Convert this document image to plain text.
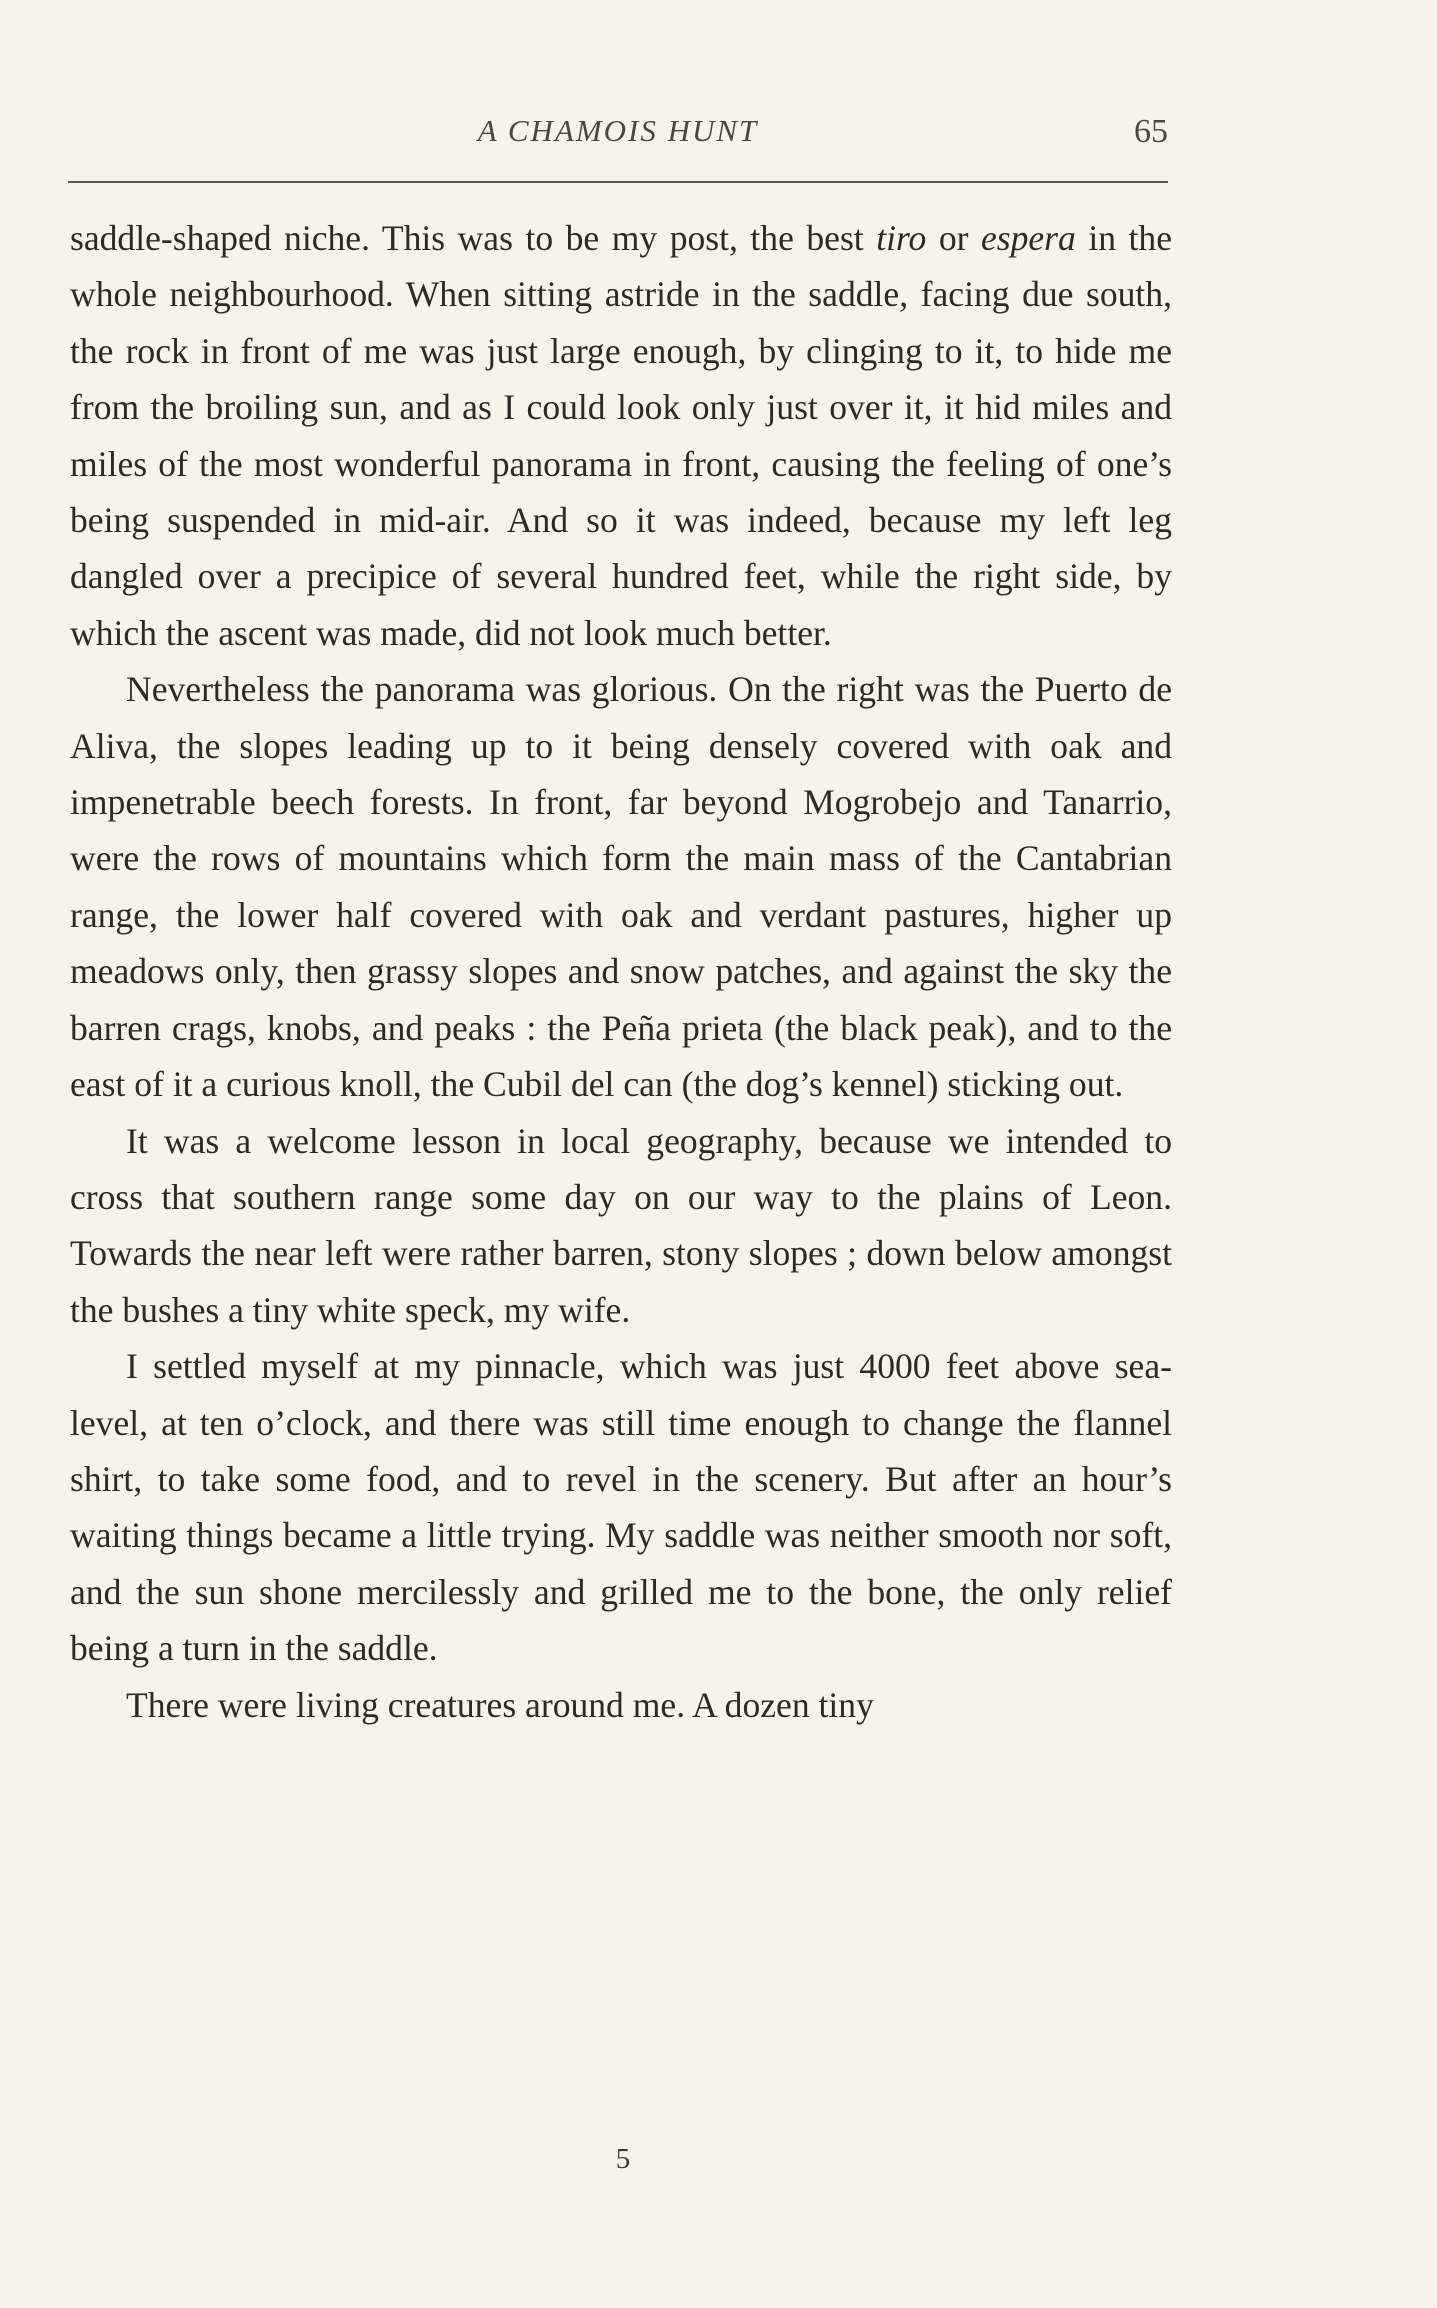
A CHAMOIS HUNT	65

saddle-shaped niche. This was to be my post, the best tiro or espera in the whole neighbourhood. When sitting astride in the saddle, facing due south, the rock in front of me was just large enough, by clinging to it, to hide me from the broiling sun, and as I could look only just over it, it hid miles and miles of the most wonderful panorama in front, causing the feeling of one’s being suspended in mid-air. And so it was indeed, because my left leg dangled over a precipice of several hundred feet, while the right side, by which the ascent was made, did not look much better.

Nevertheless the panorama was glorious. On the right was the Puerto de Aliva, the slopes leading up to it being densely covered with oak and impenetrable beech forests. In front, far beyond Mogrobejo and Tanarrio, were the rows of mountains which form the main mass of the Cantabrian range, the lower half covered with oak and verdant pastures, higher up meadows only, then grassy slopes and snow patches, and against the sky the barren crags, knobs, and peaks : the Peña prieta (the black peak), and to the east of it a curious knoll, the Cubil del can (the dog’s kennel) sticking out.

It was a welcome lesson in local geography, because we intended to cross that southern range some day on our way to the plains of Leon. Towards the near left were rather barren, stony slopes ; down below amongst the bushes a tiny white speck, my wife.

I settled myself at my pinnacle, which was just 4000 feet above sea-level, at ten o’clock, and there was still time enough to change the flannel shirt, to take some food, and to revel in the scenery. But after an hour’s waiting things became a little trying. My saddle was neither smooth nor soft, and the sun shone mercilessly and grilled me to the bone, the only relief being a turn in the saddle.

There were living creatures around me. A dozen tiny

5
